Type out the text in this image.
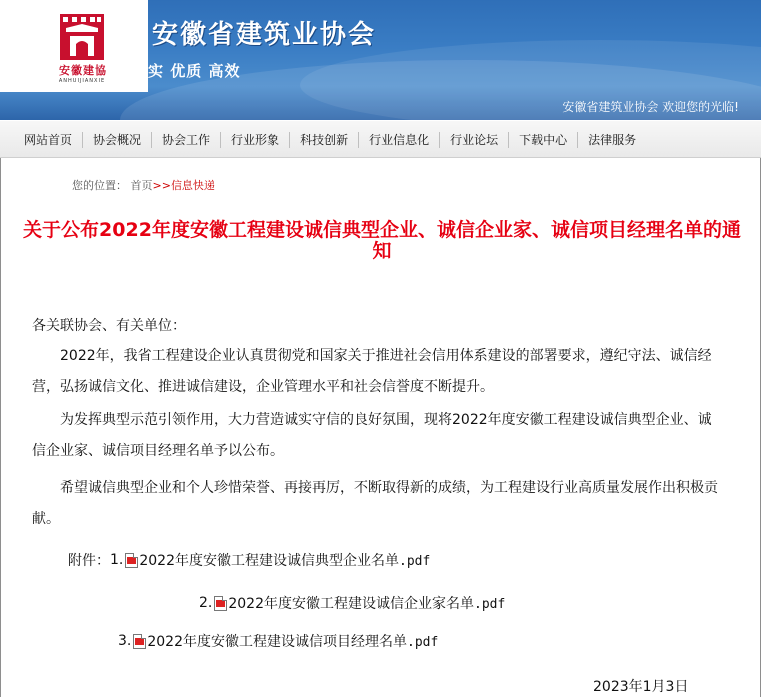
安徽建協
ANHUIJIANXIE
安徽省建筑业协会
实 优质 高效
安徽省建筑业协会 欢迎您的光临!
网站首页	协会概况	协会工作	行业形象	科技创新	行业信息化	行业论坛	下载中心	法律服务
您的位置： 首页>>信息快递
关于公布2022年度安徽工程建设诚信典型企业、诚信企业家、诚信项目经理名单的通知

各关联协会、有关单位：

2022年，我省工程建设企业认真贯彻党和国家关于推进社会信用体系建设的部署要求，遵纪守法、诚信经营，弘扬诚信文化、推进诚信建设，企业管理水平和社会信誉度不断提升。

为发挥典型示范引领作用，大力营造诚实守信的良好氛围，现将2022年度安徽工程建设诚信典型企业、诚信企业家、诚信项目经理名单予以公布。

希望诚信典型企业和个人珍惜荣誉、再接再厉，不断取得新的成绩，为工程建设行业高质量发展作出积极贡献。

附件： 1. 2022年度安徽工程建设诚信典型企业名单.pdf
2. 2022年度安徽工程建设诚信企业家名单.pdf
3. 2022年度安徽工程建设诚信项目经理名单.pdf
2023年1月3日
